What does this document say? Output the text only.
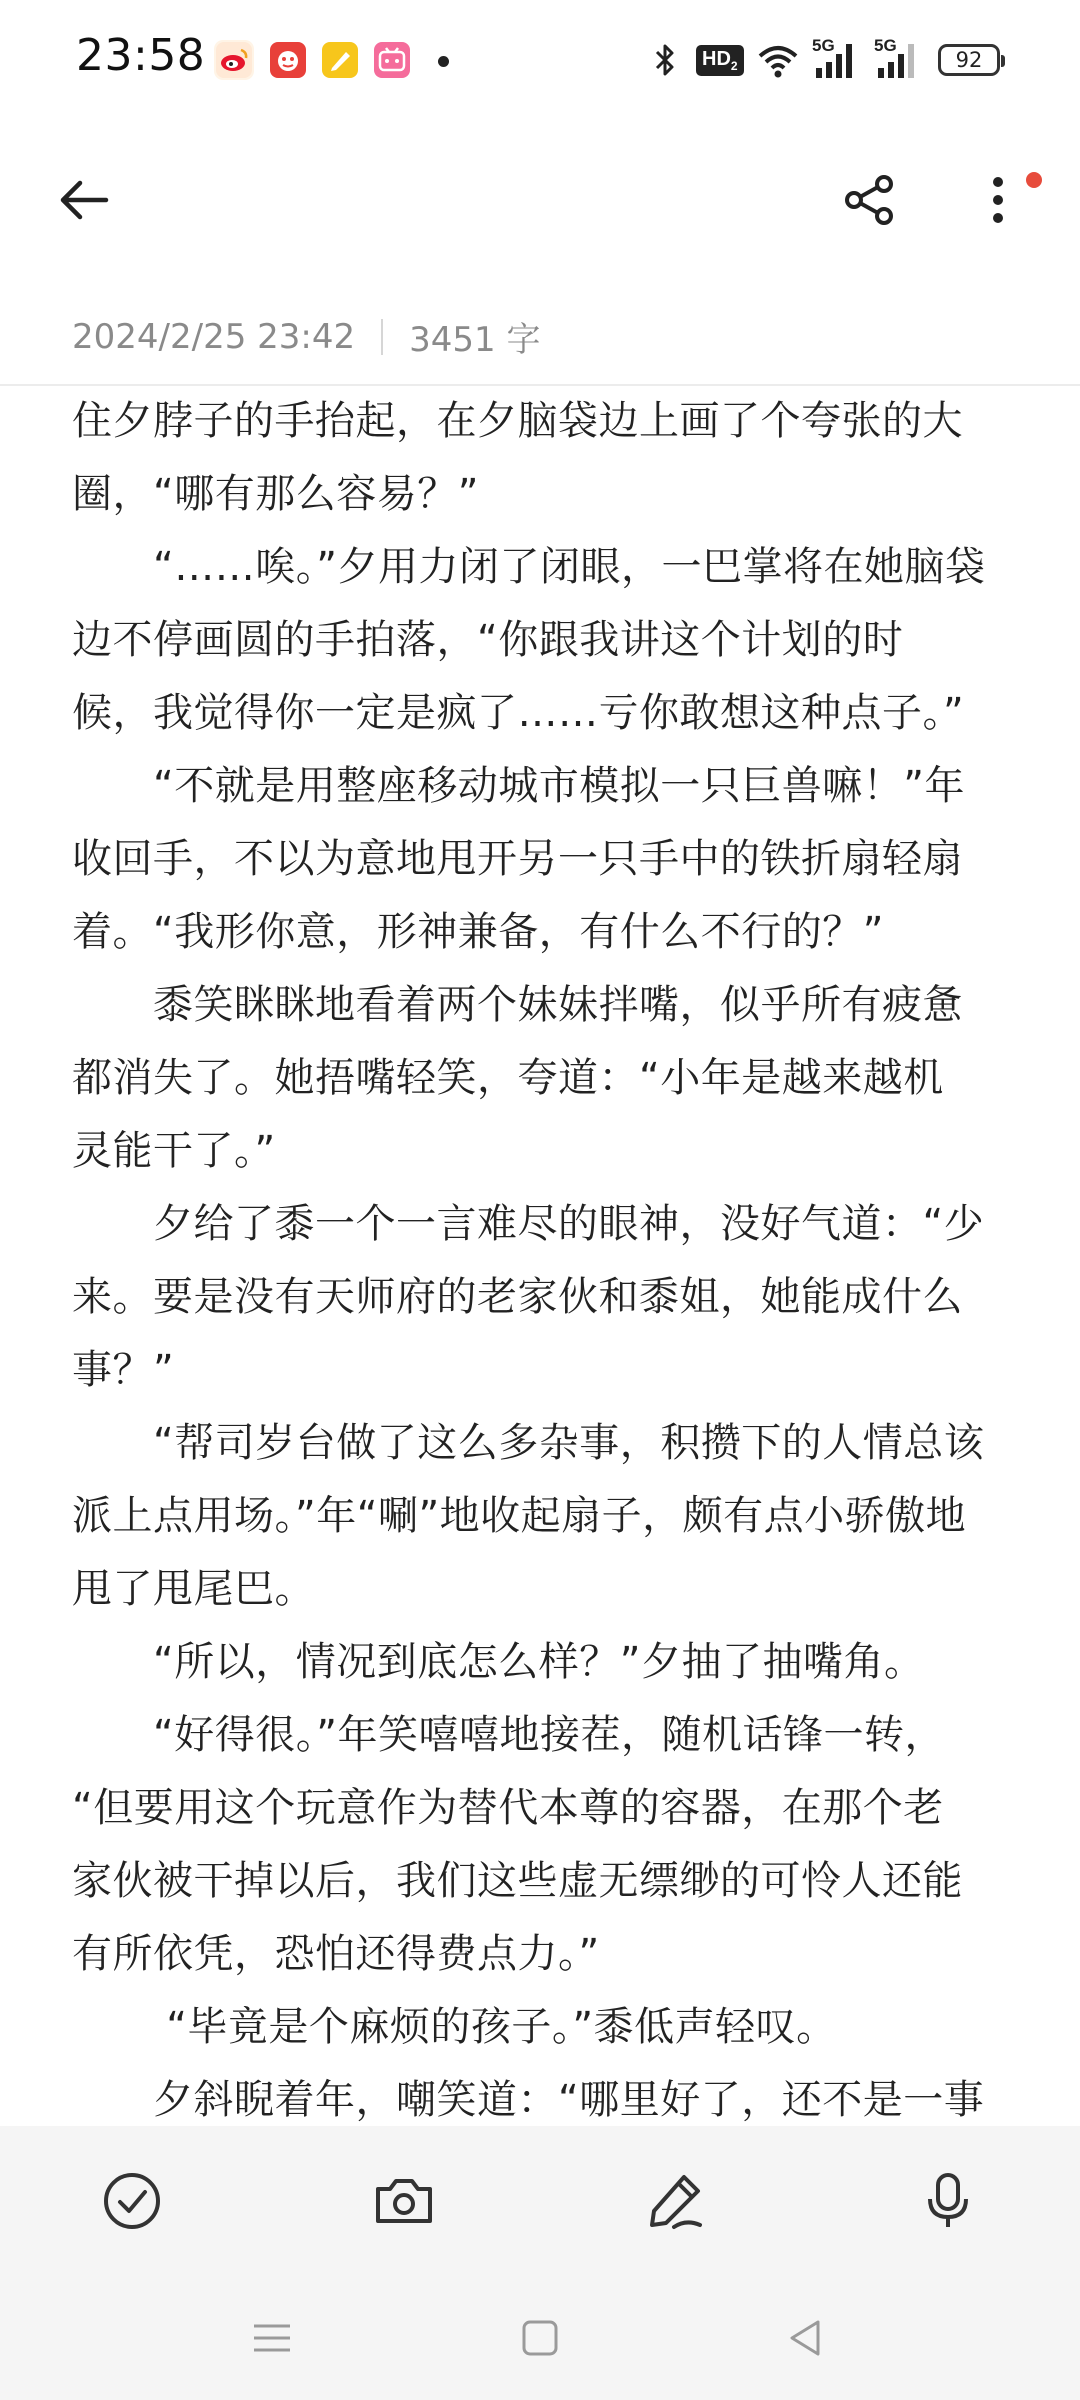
23:58	$HD_2$
5G 5G
92
2024/2/25 23:42 3451 字
住夕脖子的手抬起，在夕脑袋边上画了个夸张的大
圈，“哪有那么容易？”
　　“……唉。”夕用力闭了闭眼，一巴掌将在她脑袋
边不停画圆的手拍落，“你跟我讲这个计划的时
候，我觉得你一定是疯了……亏你敢想这种点子。”
　　“不就是用整座移动城市模拟一只巨兽嘛！”年
收回手，不以为意地甩开另一只手中的铁折扇轻扇
着。“我形你意，形神兼备，有什么不行的？”
　　黍笑眯眯地看着两个妹妹拌嘴，似乎所有疲惫
都消失了。她捂嘴轻笑，夸道：“小年是越来越机
灵能干了。”
　　夕给了黍一个一言难尽的眼神，没好气道：“少
来。要是没有天师府的老家伙和黍姐，她能成什么
事？”
　　“帮司岁台做了这么多杂事，积攒下的人情总该
派上点用场。”年“唰”地收起扇子，颇有点小骄傲地
甩了甩尾巴。
　　“所以，情况到底怎么样？”夕抽了抽嘴角。
　　“好得很。”年笑嘻嘻地接茬，随机话锋一转，
“但要用这个玩意作为替代本尊的容器，在那个老
家伙被干掉以后，我们这些虚无缥缈的可怜人还能
有所依凭，恐怕还得费点力。”
　　 “毕竟是个麻烦的孩子。”黍低声轻叹。
　　夕斜睨着年，嘲笑道：“哪里好了，还不是一事
